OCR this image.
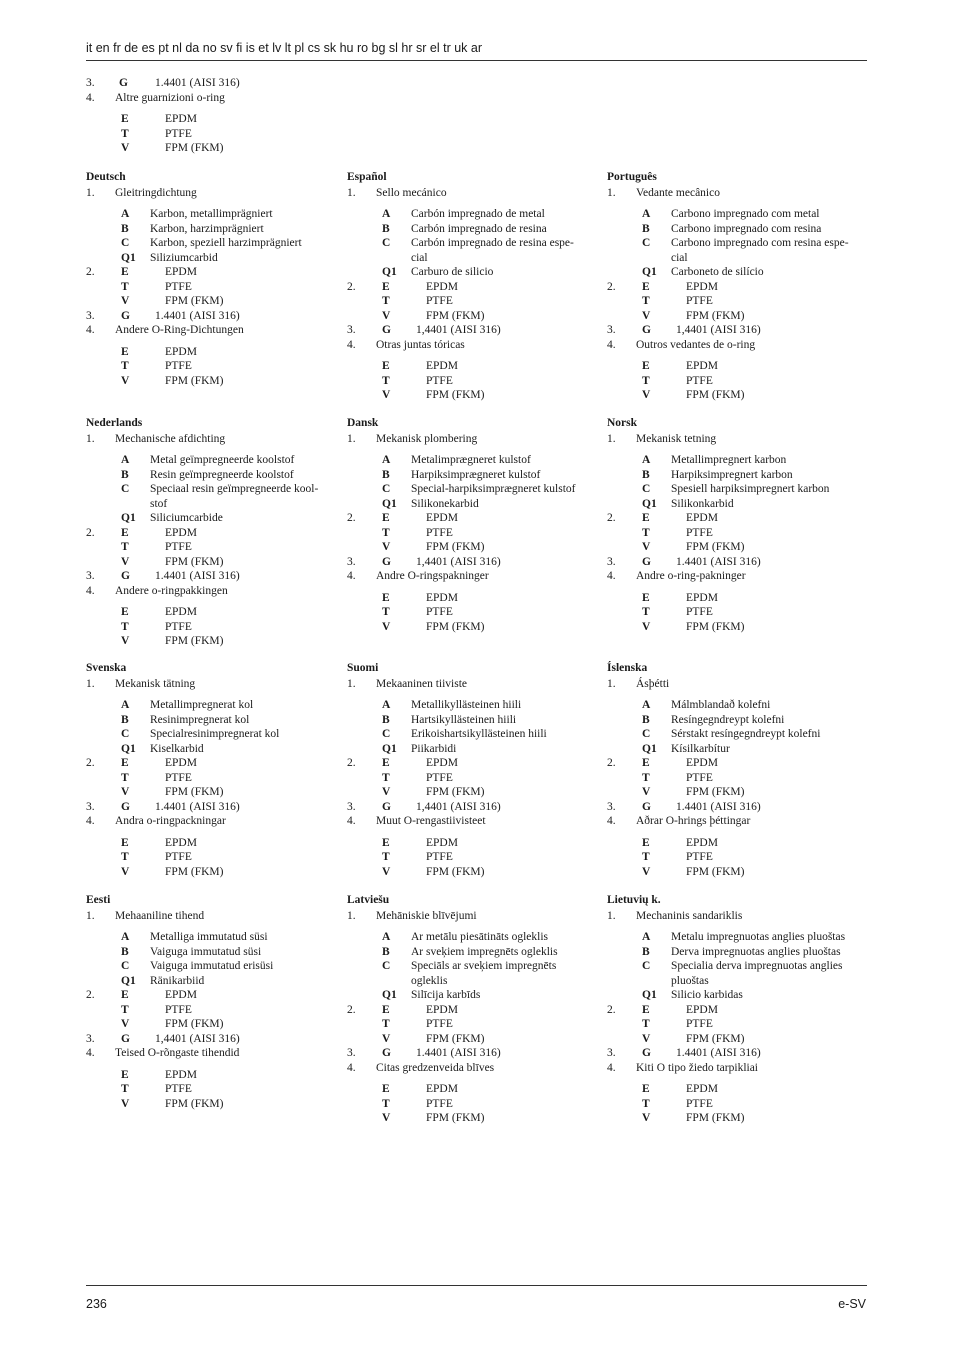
it en fr de es pt nl da no sv fi is et lv lt pl cs sk hu ro bg sl hr sr el tr uk ar
3. G 1.4401 (AISI 316)
4. Altre guarnizioni o-ring
E	EPDM
T	PTFE
V	FPM (FKM)
Deutsch
1. Gleitringdichtung
A Karbon, metallimprägniert
B Karbon, harzimprägniert
C Karbon, speziell harzimprägniert
Q1 Siliziumcarbid
2. E	EPDM
T	PTFE
V	FPM (FKM)
3. G 1.4401 (AISI 316)
4. Andere O-Ring-Dichtungen
E	EPDM
T	PTFE
V	FPM (FKM)
Español
1. Sello mecánico
A Carbón impregnado de metal
B Carbón impregnado de resina
C Carbón impregnado de resina espe-cial
Q1 Carburo de silicio
2. E	EPDM
T	PTFE
V	FPM (FKM)
3. G 1,4401 (AISI 316)
4. Otras juntas tóricas
E	EPDM
T	PTFE
V	FPM (FKM)
Português
1. Vedante mecânico
A Carbono impregnado com metal
B Carbono impregnado com resina
C Carbono impregnado com resina espe-cial
Q1 Carboneto de silício
2. E	EPDM
T	PTFE
V	FPM (FKM)
3. G 1,4401 (AISI 316)
4. Outros vedantes de o-ring
E	EPDM
T	PTFE
V	FPM (FKM)
Nederlands
1. Mechanische afdichting
A Metal geïmpregneerde koolstof
B Resin geïmpregneerde koolstof
C Speciaal resin geïmpregneerde kool-stof
Q1 Siliciumcarbide
2. E	EPDM
T	PTFE
V	FPM (FKM)
3. G 1.4401 (AISI 316)
4. Andere o-ringpakkingen
E	EPDM
T	PTFE
V	FPM (FKM)
Dansk
1. Mekanisk plombering
A Metalimprægneret kulstof
B Harpiksimprægneret kulstof
C Special-harpiksimprægneret kulstof
Q1 Silikonekarbid
2. E	EPDM
T	PTFE
V	FPM (FKM)
3. G 1,4401 (AISI 316)
4. Andre O-ringspakninger
E	EPDM
T	PTFE
V	FPM (FKM)
Norsk
1. Mekanisk tetning
A Metallimpregnert karbon
B Harpiksimpregnert karbon
C Spesiell harpiksimpregnert karbon
Q1 Silikonkarbid
2. E	EPDM
T	PTFE
V	FPM (FKM)
3. G 1.4401 (AISI 316)
4. Andre o-ring-pakninger
E	EPDM
T	PTFE
V	FPM (FKM)
Svenska
1. Mekanisk tätning
A Metallimpregnerat kol
B Resinimpregnerat kol
C Specialresinimpregnerat kol
Q1 Kiselkarbid
2. E	EPDM
T	PTFE
V	FPM (FKM)
3. G 1.4401 (AISI 316)
4. Andra o-ringpackningar
E	EPDM
T	PTFE
V	FPM (FKM)
Suomi
1. Mekaaninen tiiviste
A Metallikyllästeinen hiili
B Hartsikyllästeinen hiili
C Erikoishartsikyllästeinen hiili
Q1 Piikarbidi
2. E	EPDM
T	PTFE
V	FPM (FKM)
3. G 1,4401 (AISI 316)
4. Muut O-rengastiivisteet
E	EPDM
T	PTFE
V	FPM (FKM)
Íslenska
1. Ásþétti
A Málmblandað kolefni
B Resíngegndreypt kolefni
C Sérstakt resíngegndreypt kolefni
Q1 Kísilkarbítur
2. E	EPDM
T	PTFE
V	FPM (FKM)
3. G 1.4401 (AISI 316)
4. Aðrar O-hrings þéttingar
E	EPDM
T	PTFE
V	FPM (FKM)
Eesti
1. Mehaaniline tihend
A Metalliga immutatud süsi
B Vaiguga immutatud süsi
C Vaiguga immutatud erisüsi
Q1 Ränikarbiid
2. E	EPDM
T	PTFE
V	FPM (FKM)
3. G 1,4401 (AISI 316)
4. Teised O-rõngaste tihendid
E	EPDM
T	PTFE
V	FPM (FKM)
Latviešu
1. Mehāniskie blīvējumi
A Ar metālu piesātināts ogleklis
B Ar sveķiem impregnēts ogleklis
C Speciāls ar sveķiem impregnēts ogleklis
Q1 Silīcija karbīds
2. E	EPDM
T	PTFE
V	FPM (FKM)
3. G 1.4401 (AISI 316)
4. Citas gredzenveida blīves
E	EPDM
T	PTFE
V	FPM (FKM)
Lietuvių k.
1. Mechaninis sandariklis
A Metalu impregnuotas anglies pluoštas
B Derva impregnuotas anglies pluoštas
C Specialia derva impregnuotas anglies pluoštas
Q1 Silicio karbidas
2. E	EPDM
T	PTFE
V	FPM (FKM)
3. G 1.4401 (AISI 316)
4. Kiti O tipo žiedo tarpikliai
E	EPDM
T	PTFE
V	FPM (FKM)
236	e-SV
